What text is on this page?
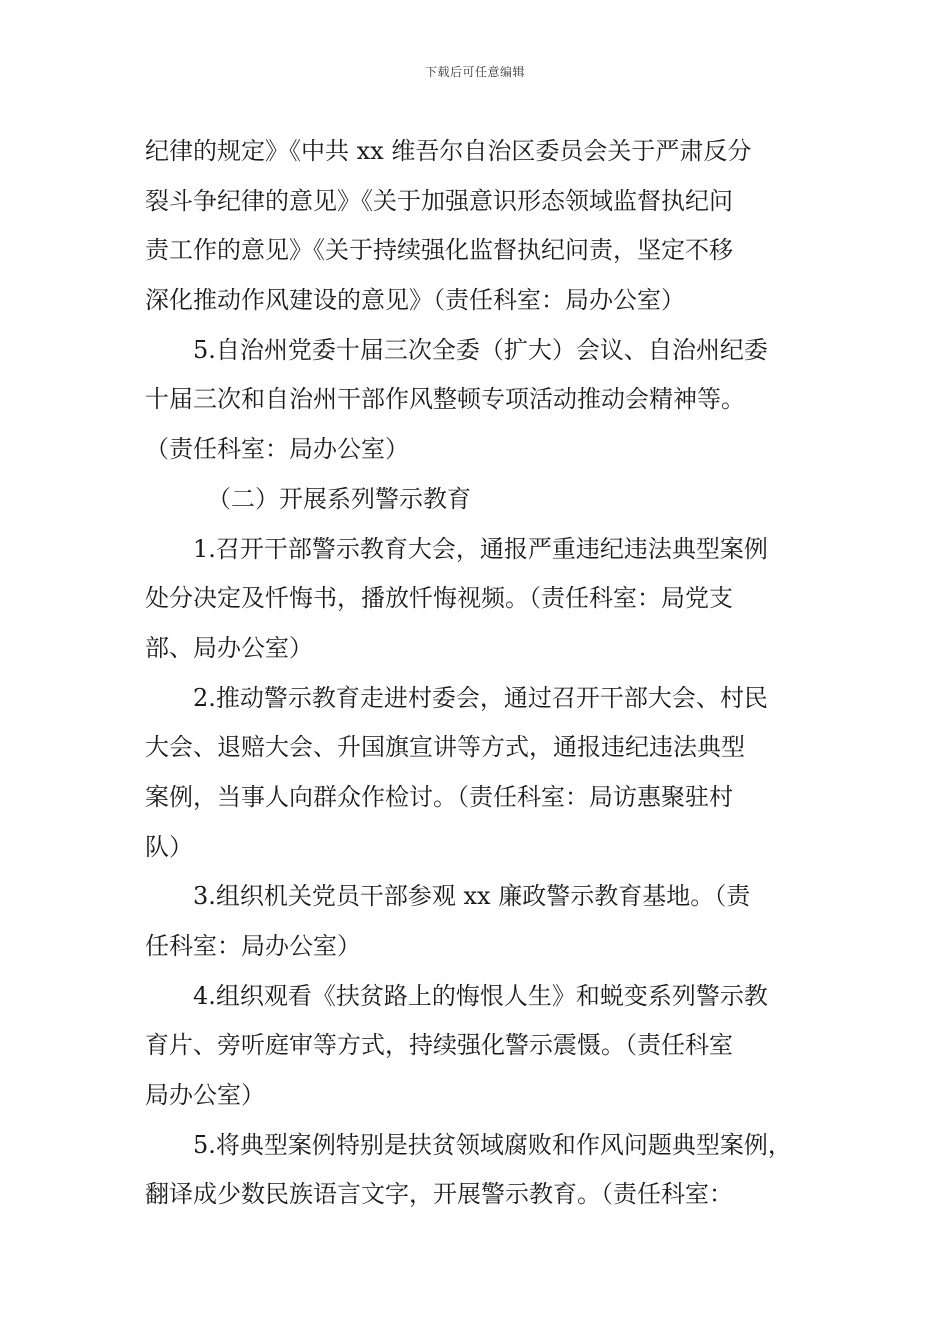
下载后可任意编辑
纪律的规定》《中共 xx 维吾尔自治区委员会关于严肃反分
裂斗争纪律的意见》《关于加强意识形态领域监督执纪问
责工作的意见》《关于持续强化监督执纪问责，坚定不移
深化推动作风建设的意见》（责任科室：局办公室）
5.自治州党委十届三次全委（扩大）会议、自治州纪委
十届三次和自治州干部作风整顿专项活动推动会精神等。
（责任科室：局办公室）
（二）开展系列警示教育
1.召开干部警示教育大会，通报严重违纪违法典型案例
处分决定及忏悔书，播放忏悔视频。（责任科室：局党支
部、局办公室）
2.推动警示教育走进村委会，通过召开干部大会、村民
大会、退赔大会、升国旗宣讲等方式，通报违纪违法典型
案例，当事人向群众作检讨。（责任科室：局访惠聚驻村
队）
3.组织机关党员干部参观 xx 廉政警示教育基地。（责
任科室：局办公室）
4.组织观看《扶贫路上的悔恨人生》和蜕变系列警示教
育片、旁听庭审等方式，持续强化警示震慑。（责任科室
局办公室）
5.将典型案例特别是扶贫领域腐败和作风问题典型案例，
翻译成少数民族语言文字，开展警示教育。（责任科室：
